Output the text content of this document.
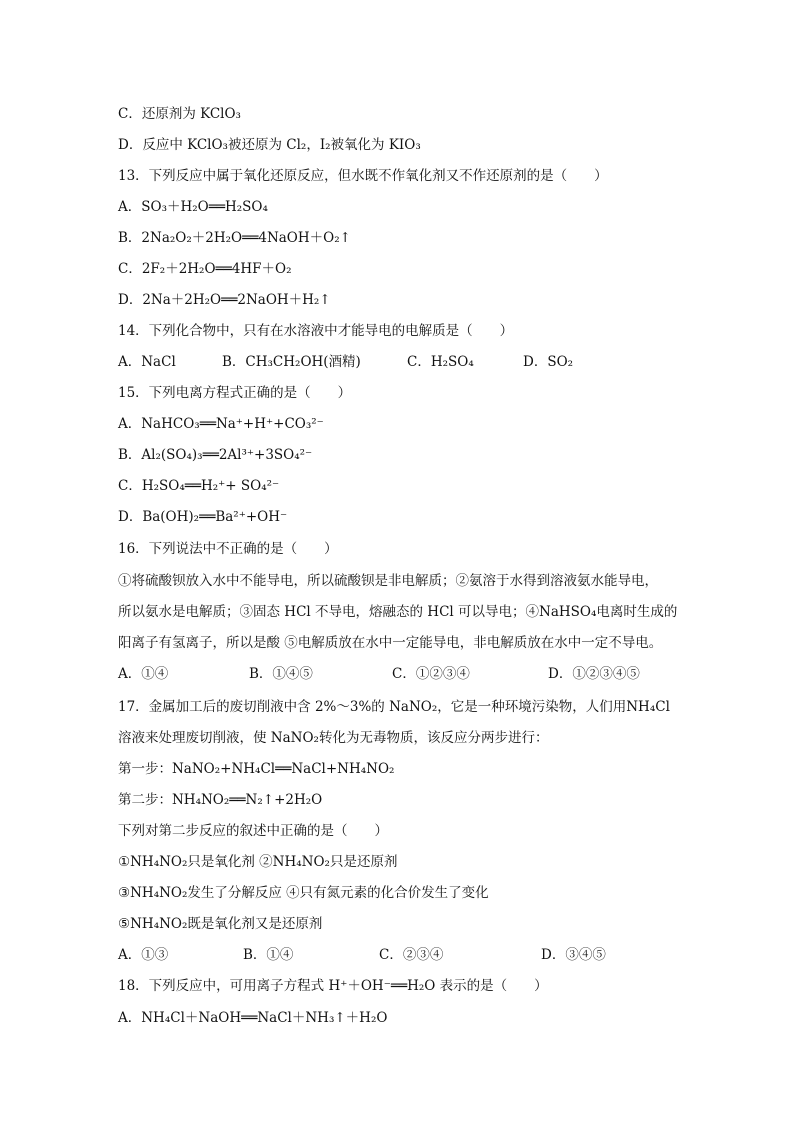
C．还原剂为 KClO₃
D．反应中 KClO₃被还原为 Cl₂，I₂被氧化为 KIO₃
13．下列反应中属于氧化还原反应，但水既不作氧化剂又不作还原剂的是（　　）
A．SO₃＋H₂O══H₂SO₄
B．2Na₂O₂＋2H₂O══4NaOH＋O₂↑
C．2F₂＋2H₂O══4HF＋O₂
D．2Na＋2H₂O══2NaOH＋H₂↑
14．下列化合物中，只有在水溶液中才能导电的电解质是（　　）
A．NaCl	B．CH₃CH₂OH(酒精)	C．H₂SO₄	D．SO₂
15．下列电离方程式正确的是（　　）
A．NaHCO₃══Na⁺+H⁺+CO₃²⁻
B．Al₂(SO₄)₃══2Al³⁺+3SO₄²⁻
C．H₂SO₄══H₂⁺+ SO₄²⁻
D．Ba(OH)₂══Ba²⁺+OH⁻
16．下列说法中不正确的是（　　）
①将硫酸钡放入水中不能导电，所以硫酸钡是非电解质；②氨溶于水得到溶液氨水能导电，
所以氨水是电解质；③固态 HCl 不导电，熔融态的 HCl 可以导电；④NaHSO₄电离时生成的
阳离子有氢离子，所以是酸 ⑤电解质放在水中一定能导电，非电解质放在水中一定不导电。
A．①④	B．①④⑤	C．①②③④	D．①②③④⑤
17．金属加工后的废切削液中含 2%～3%的 NaNO₂，它是一种环境污染物，人们用NH₄Cl
溶液来处理废切削液，使 NaNO₂转化为无毒物质，该反应分两步进行：
第一步：NaNO₂+NH₄Cl══NaCl+NH₄NO₂
第二步：NH₄NO₂══N₂↑+2H₂O
下列对第二步反应的叙述中正确的是（　　）
①NH₄NO₂只是氧化剂 ②NH₄NO₂只是还原剂
③NH₄NO₂发生了分解反应 ④只有氮元素的化合价发生了变化
⑤NH₄NO₂既是氧化剂又是还原剂
A．①③	B．①④	C．②③④	D．③④⑤
18．下列反应中，可用离子方程式 H⁺＋OH⁻══H₂O 表示的是（　　）
A．NH₄Cl＋NaOH══NaCl＋NH₃↑＋H₂O
